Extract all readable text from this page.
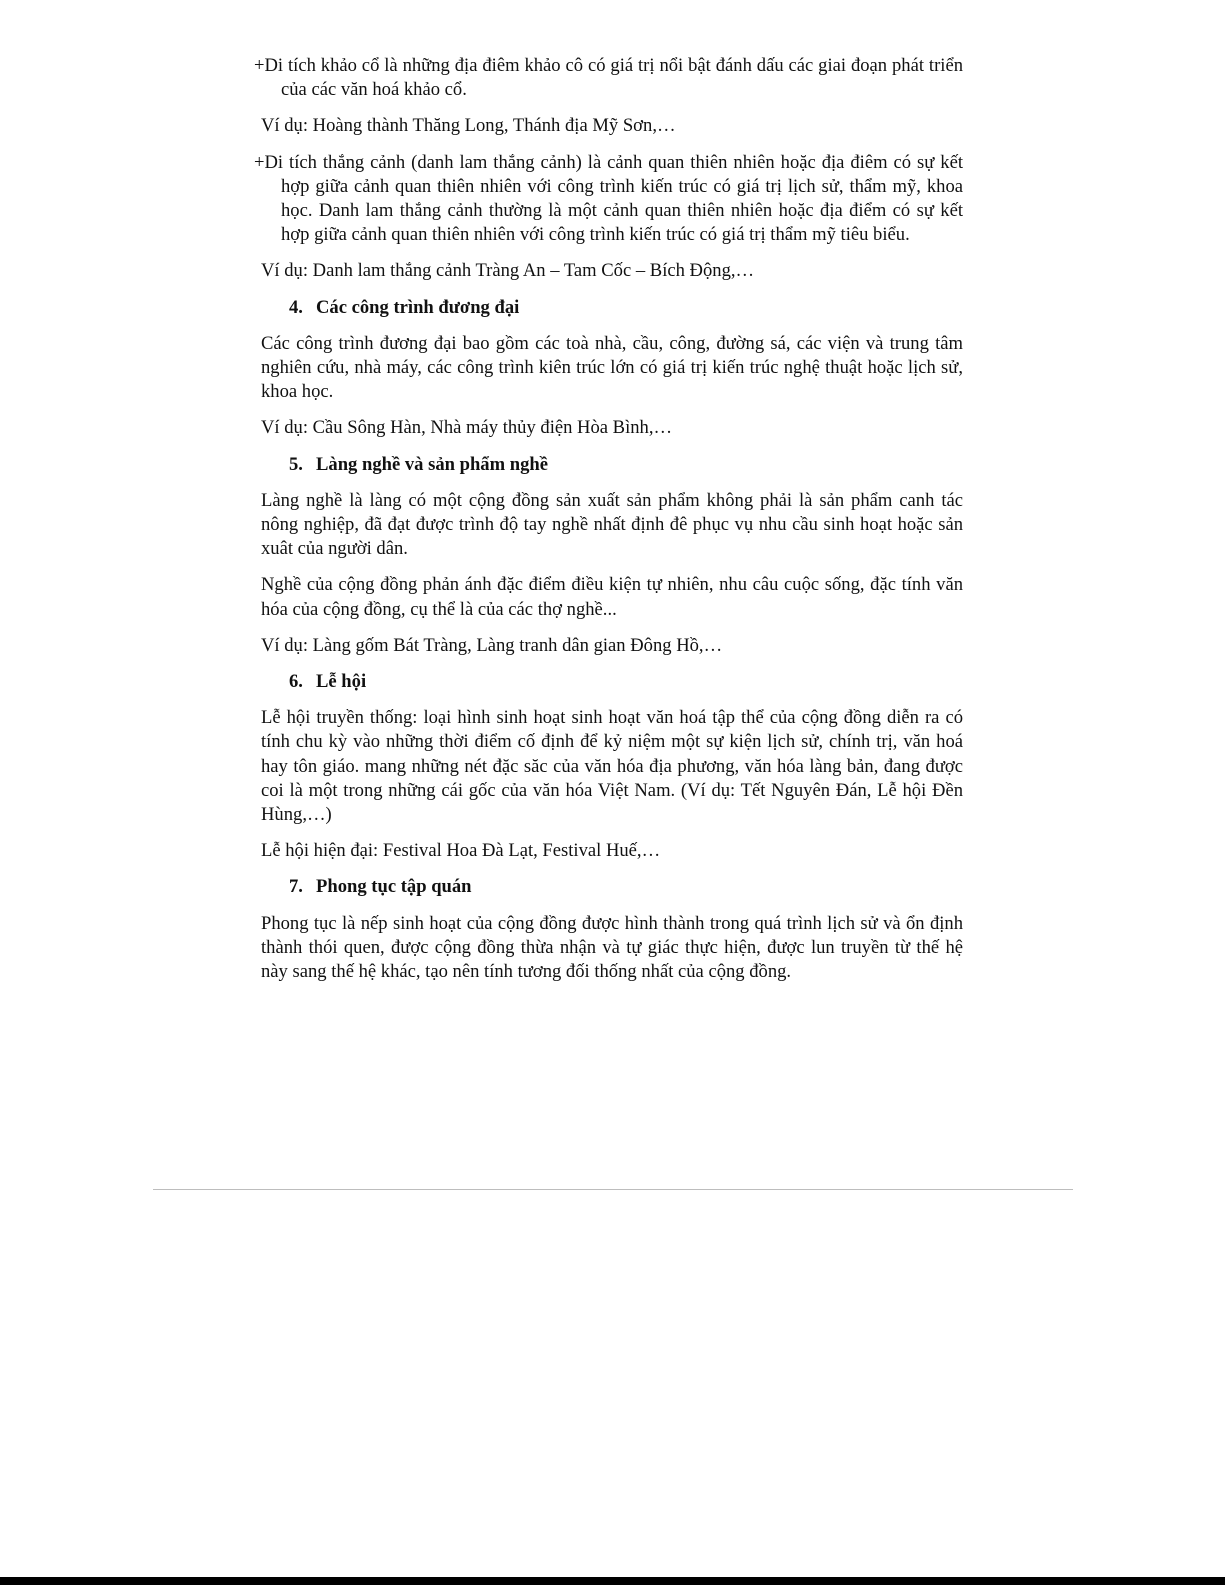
+Di tích khảo cổ là những địa điêm khảo cô có giá trị nổi bật đánh dấu các giai đoạn phát triển của các văn hoá khảo cổ.

Ví dụ: Hoàng thành Thăng Long, Thánh địa Mỹ Sơn,…

+Di tích thắng cảnh (danh lam thắng cảnh) là cảnh quan thiên nhiên hoặc địa điêm có sự kết hợp giữa cảnh quan thiên nhiên với công trình kiến trúc có giá trị lịch sử, thẩm mỹ, khoa học. Danh lam thắng cảnh thường là một cảnh quan thiên nhiên hoặc địa điểm có sự kết hợp giữa cảnh quan thiên nhiên với công trình kiến trúc có giá trị thẩm mỹ tiêu biểu.

Ví dụ: Danh lam thắng cảnh Tràng An – Tam Cốc – Bích Động,…

4. Các công trình đương đại

Các công trình đương đại bao gồm các toà nhà, cầu, công, đường sá, các viện và trung tâm nghiên cứu, nhà máy, các công trình kiên trúc lớn có giá trị kiến trúc nghệ thuật hoặc lịch sử, khoa học.

Ví dụ: Cầu Sông Hàn, Nhà máy thủy điện Hòa Bình,…

5. Làng nghề và sản phẩm nghề

Làng nghề là làng có một cộng đồng sản xuất sản phẩm không phải là sản phẩm canh tác nông nghiệp, đã đạt được trình độ tay nghề nhất định đê phục vụ nhu cầu sinh hoạt hoặc sản xuât của người dân.

Nghề của cộng đồng phản ánh đặc điểm điều kiện tự nhiên, nhu câu cuộc sống, đặc tính văn hóa của cộng đồng, cụ thể là của các thợ nghề...

Ví dụ: Làng gốm Bát Tràng, Làng tranh dân gian Đông Hồ,…

6. Lễ hội

Lễ hội truyền thống: loại hình sinh hoạt sinh hoạt văn hoá tập thể của cộng đồng diễn ra có tính chu kỳ vào những thời điểm cố định để kỷ niệm một sự kiện lịch sử, chính trị, văn hoá hay tôn giáo. mang những nét đặc săc của văn hóa địa phương, văn hóa làng bản, đang được coi là một trong những cái gốc của văn hóa Việt Nam. (Ví dụ: Tết Nguyên Đán, Lễ hội Đền Hùng,…)

Lễ hội hiện đại: Festival Hoa Đà Lạt, Festival Huế,…

7. Phong tục tập quán

Phong tục là nếp sinh hoạt của cộng đồng được hình thành trong quá trình lịch sử và ổn định thành thói quen, được cộng đồng thừa nhận và tự giác thực hiện, được lun truyền từ thế hệ này sang thế hệ khác, tạo nên tính tương đối thống nhất của cộng đồng.
